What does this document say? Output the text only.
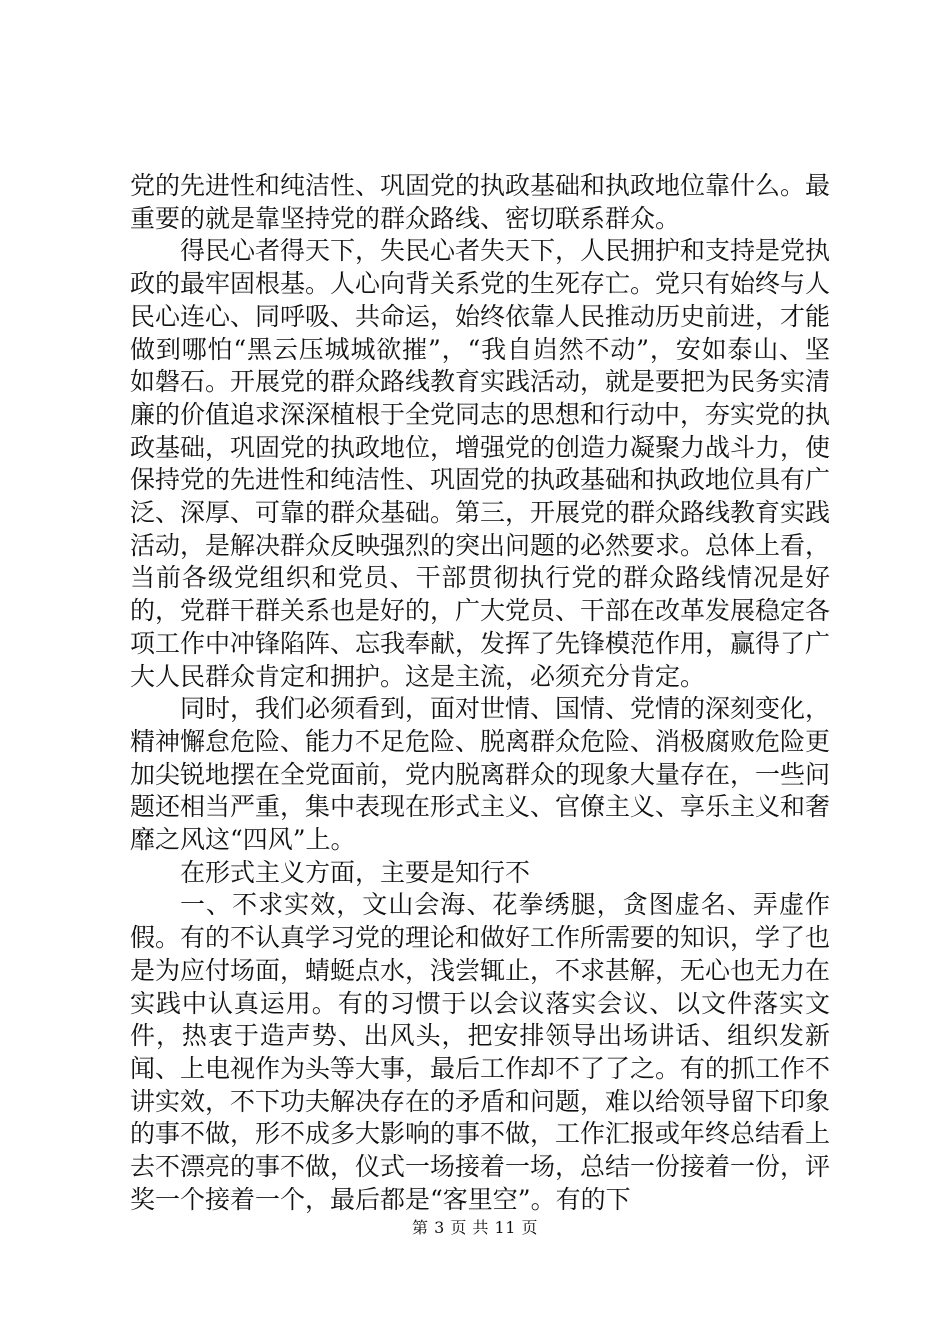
党的先进性和纯洁性、巩固党的执政基础和执政地位靠什么。最重要的就是靠坚持党的群众路线、密切联系群众。

得民心者得天下，失民心者失天下，人民拥护和支持是党执政的最牢固根基。人心向背关系党的生死存亡。党只有始终与人民心连心、同呼吸、共命运，始终依靠人民推动历史前进，才能做到哪怕“黑云压城城欲摧”，“我自岿然不动”，安如泰山、坚如磐石。开展党的群众路线教育实践活动，就是要把为民务实清廉的价值追求深深植根于全党同志的思想和行动中，夯实党的执政基础，巩固党的执政地位，增强党的创造力凝聚力战斗力，使保持党的先进性和纯洁性、巩固党的执政基础和执政地位具有广泛、深厚、可靠的群众基础。第三，开展党的群众路线教育实践活动，是解决群众反映强烈的突出问题的必然要求。总体上看，当前各级党组织和党员、干部贯彻执行党的群众路线情况是好的，党群干群关系也是好的，广大党员、干部在改革发展稳定各项工作中冲锋陷阵、忘我奉献，发挥了先锋模范作用，赢得了广大人民群众肯定和拥护。这是主流，必须充分肯定。

同时，我们必须看到，面对世情、国情、党情的深刻变化，精神懈怠危险、能力不足危险、脱离群众危险、消极腐败危险更加尖锐地摆在全党面前，党内脱离群众的现象大量存在，一些问题还相当严重，集中表现在形式主义、官僚主义、享乐主义和奢靡之风这“四风”上。

在形式主义方面，主要是知行不

一、不求实效，文山会海、花拳绣腿，贪图虚名、弄虚作假。有的不认真学习党的理论和做好工作所需要的知识，学了也是为应付场面，蜻蜓点水，浅尝辄止，不求甚解，无心也无力在实践中认真运用。有的习惯于以会议落实会议、以文件落实文件，热衷于造声势、出风头，把安排领导出场讲话、组织发新闻、上电视作为头等大事，最后工作却不了了之。有的抓工作不讲实效，不下功夫解决存在的矛盾和问题，难以给领导留下印象的事不做，形不成多大影响的事不做，工作汇报或年终总结看上去不漂亮的事不做，仪式一场接着一场，总结一份接着一份，评奖一个接着一个，最后都是“客里空”。有的下

第 3 页 共 11 页
